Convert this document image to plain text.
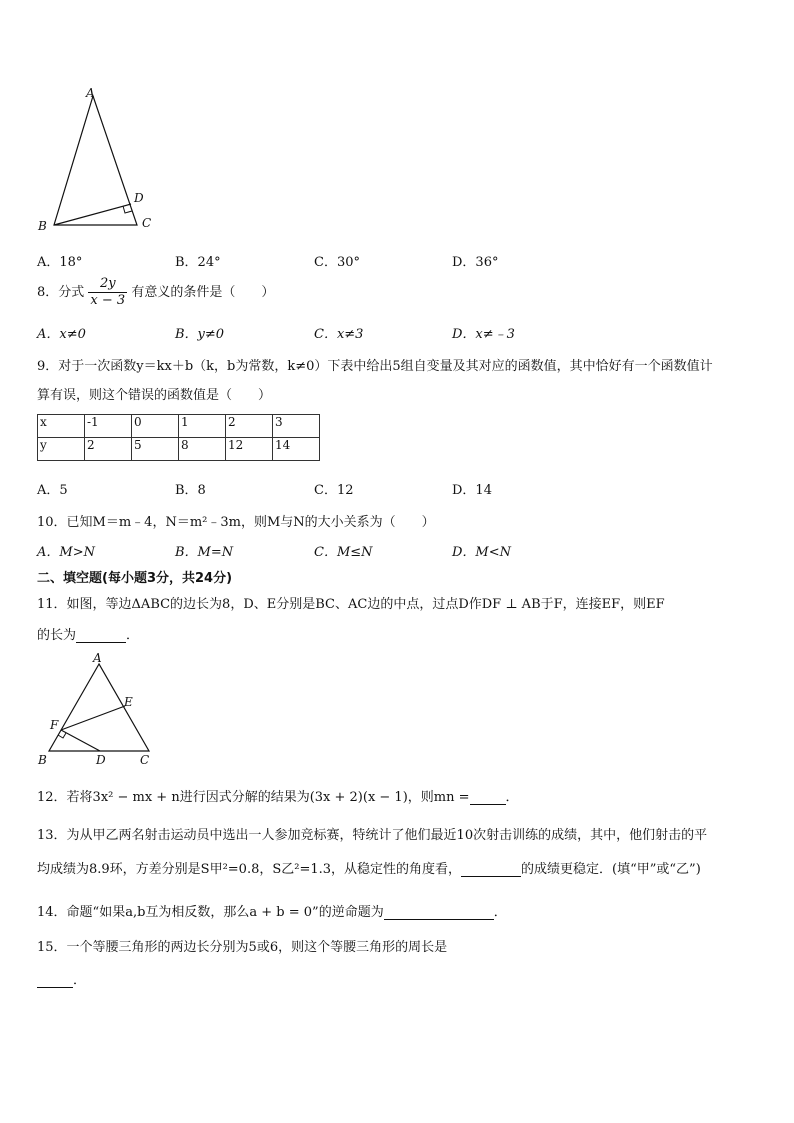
A
B	C
D
A．18°	B．24°	C．30°	D．36°
8．分式 $\frac{2y}{x - 3}$ 有意义的条件是（　　）
A．x≠0	B．y≠0	C．x≠3	D．x≠﹣3
9．对于一次函数y＝kx＋b（k，b为常数，k≠0）下表中给出5组自变量及其对应的函数值，其中恰好有一个函数值计
算有误，则这个错误的函数值是（　　）
x	-1	0	1	2	3
y	2	5	8	12	14
A．5	B．8	C．12	D．14
10．已知M＝m﹣4，N＝m²﹣3m，则M与N的大小关系为（　　）
A．M>N	B．M=N	C．M≤N	D．M<N
二、填空题(每小题3分，共24分)
11．如图，等边ΔABC的边长为8，D、E分别是BC、AC边的中点，过点D作DF ⊥ AB于F，连接EF，则EF
的长为	．
A
E
F
B	D	C
12．若将3x² − mx + n进行因式分解的结果为(3x + 2)(x − 1)，则mn =	．
13．为从甲乙两名射击运动员中选出一人参加竞标赛，特统计了他们最近10次射击训练的成绩，其中，他们射击的平
均成绩为8.9环，方差分别是S甲²=0.8，S乙²=1.3，从稳定性的角度看，	的成绩更稳定．(填“甲”或“乙”)
14．命题“如果a,b互为相反数，那么a + b = 0”的逆命题为	．
15．一个等腰三角形的两边长分别为5或6，则这个等腰三角形的周长是
．
